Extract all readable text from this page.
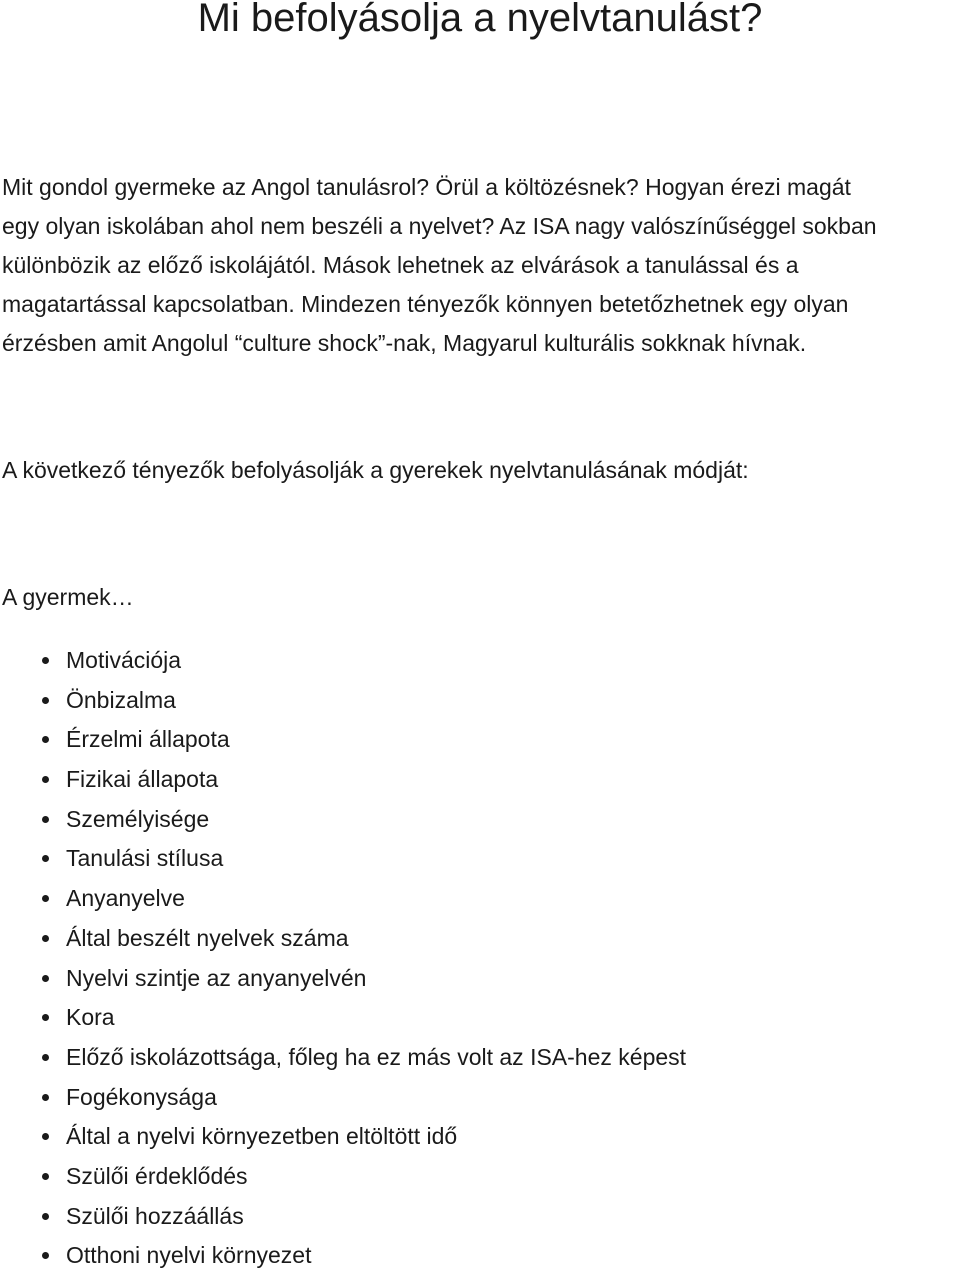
Mi befolyásolja a nyelvtanulást?

Mit gondol gyermeke az Angol tanulásrol? Örül a költözésnek? Hogyan érezi magát
egy olyan iskolában ahol nem beszéli a nyelvet? Az ISA nagy valószínűséggel sokban
különbözik az előző iskolájától. Mások lehetnek az elvárások a tanulással és a
magatartással kapcsolatban. Mindezen tényezők könnyen betetőzhetnek egy olyan
érzésben amit Angolul “culture shock”-nak, Magyarul kulturális sokknak hívnak.

A következő tényezők befolyásolják a gyerekek nyelvtanulásának módját:

A gyermek…

Motivációja
Önbizalma
Érzelmi állapota
Fizikai állapota
Személyisége
Tanulási stílusa
Anyanyelve
Által beszélt nyelvek száma
Nyelvi szintje az anyanyelvén
Kora
Előző iskolázottsága, főleg ha ez más volt az ISA-hez képest
Fogékonysága
Által a nyelvi környezetben eltöltött idő
Szülői érdeklődés
Szülői hozzáállás
Otthoni nyelvi környezet
